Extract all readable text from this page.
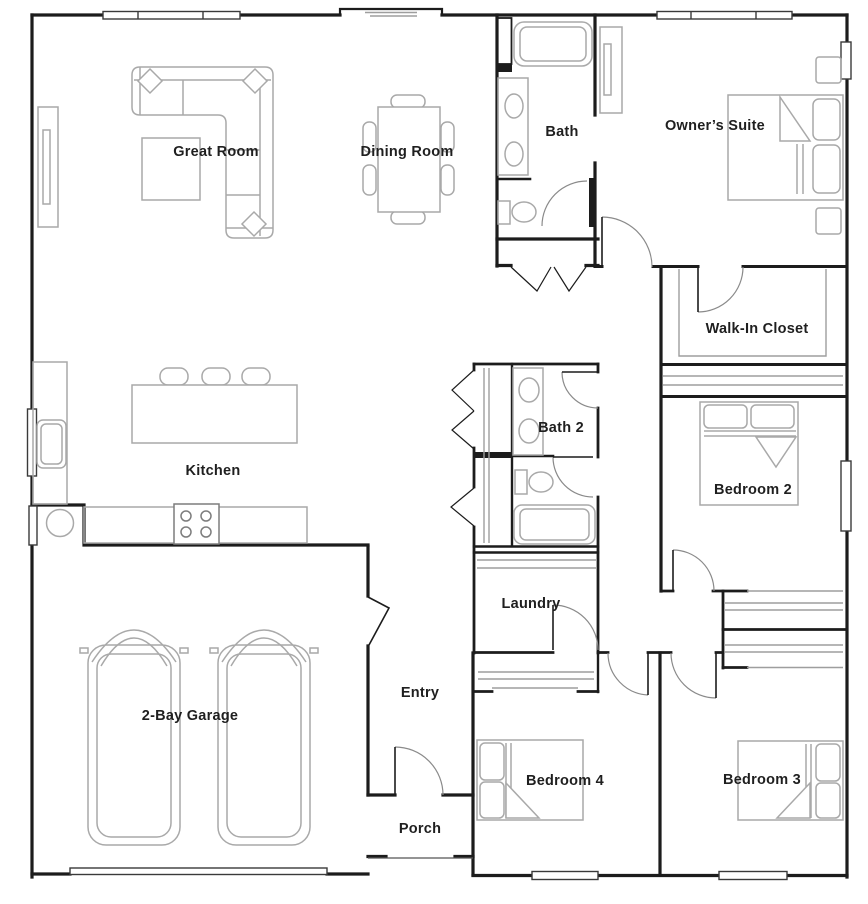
Great Room	Dining Room
Bath	Owner’s Suite
Walk-In Closet
Kitchen
Bath 2
Bedroom 2
Laundry
Entry
2-Bay Garage
Bedroom 4	Bedroom 3
Porch
